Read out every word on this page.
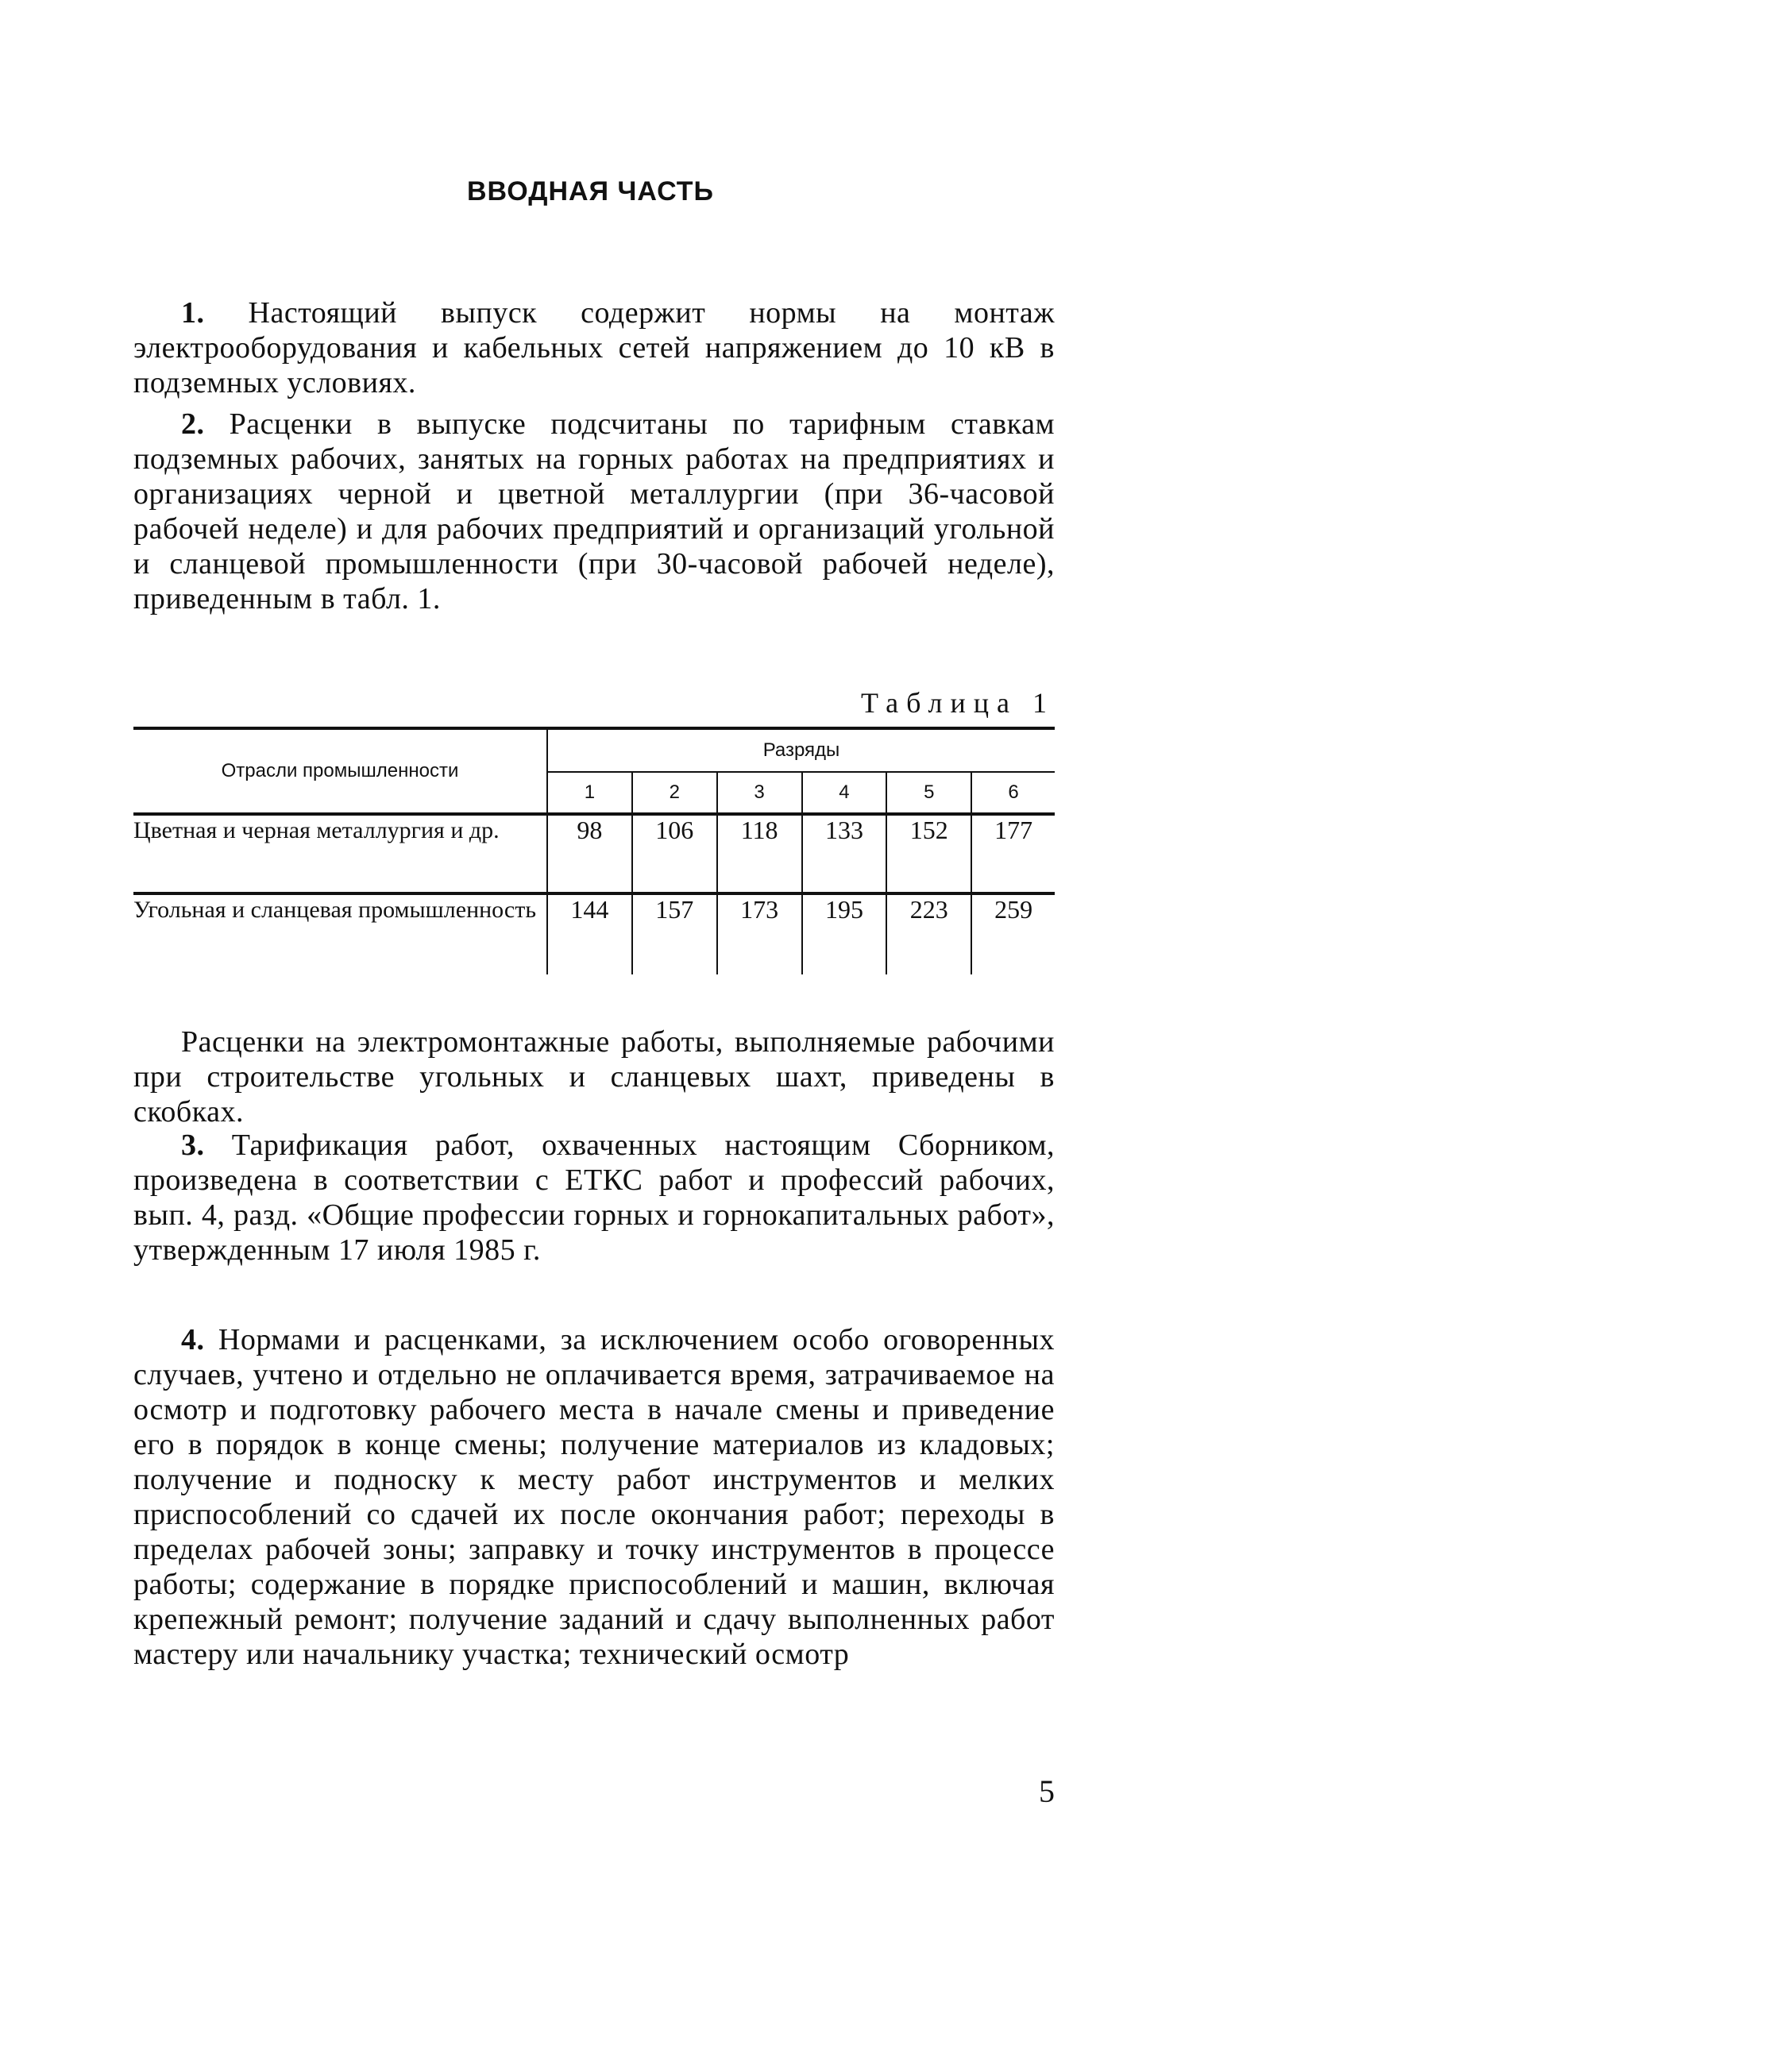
ВВОДНАЯ ЧАСТЬ

1. Настоящий выпуск содержит нормы на монтаж электрооборудования и кабельных сетей напряжением до 10 кВ в подземных условиях.

2. Расценки в выпуске подсчитаны по тарифным ставкам подземных рабочих, занятых на горных работах на предприятиях и организациях черной и цветной металлургии (при 36-часовой рабочей неделе) и для рабочих предприятий и организаций угольной и сланцевой промышленности (при 30-часовой рабочей неделе), приведенным в табл. 1.

Таблица 1
Отрасли промышленности	Разряды					
	1	2	3	4	5	6
Цветная и черная металлургия и др.	98	106	118	133	152	177
Угольная и сланцевая промышленность	144	157	173	195	223	259

Расценки на электромонтажные работы, выполняемые рабочими при строительстве угольных и сланцевых шахт, приведены в скобках.

3. Тарификация работ, охваченных настоящим Сборником, произведена в соответствии с ЕТКС работ и профессий рабочих, вып. 4, разд. «Общие профессии горных и горнокапитальных работ», утвержденным 17 июля 1985 г.

4. Нормами и расценками, за исключением особо оговоренных случаев, учтено и отдельно не оплачивается время, затрачиваемое на осмотр и подготовку рабочего места в начале смены и приведение его в порядок в конце смены; получение материалов из кладовых; получение и подноску к месту работ инструментов и мелких приспособлений со сдачей их после окончания работ; переходы в пределах рабочей зоны; заправку и точку инструментов в процессе работы; содержание в порядке приспособлений и машин, включая крепежный ремонт; получение заданий и сдачу выполненных работ мастеру или начальнику участка; технический осмотр

5
